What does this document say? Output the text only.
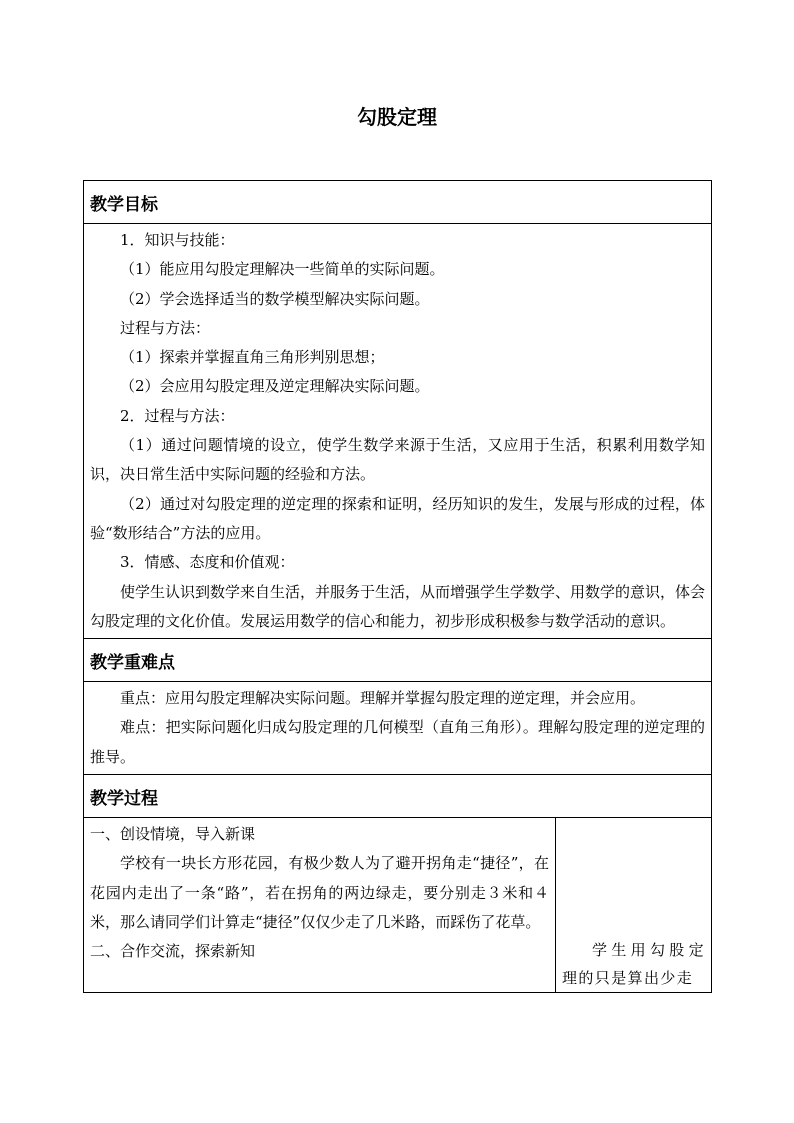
勾股定理
教学目标

1．知识与技能：

（1）能应用勾股定理解决一些简单的实际问题。

（2）学会选择适当的数学模型解决实际问题。

过程与方法：

（1）探索并掌握直角三角形判别思想；

（2）会应用勾股定理及逆定理解决实际问题。

2．过程与方法：

（1）通过问题情境的设立，使学生数学来源于生活，又应用于生活，积累利用数学知识，决日常生活中实际问题的经验和方法。

（2）通过对勾股定理的逆定理的探索和证明，经历知识的发生，发展与形成的过程，体验“数形结合”方法的应用。

3．情感、态度和价值观：

使学生认识到数学来自生活，并服务于生活，从而增强学生学数学、用数学的意识，体会勾股定理的文化价值。发展运用数学的信心和能力，初步形成积极参与数学活动的意识。

教学重难点

重点：应用勾股定理解决实际问题。理解并掌握勾股定理的逆定理，并会应用。

难点：把实际问题化归成勾股定理的几何模型（直角三角形）。理解勾股定理的逆定理的推导。

教学过程

一、创设情境，导入新课

学校有一块长方形花园，有极少数人为了避开拐角走“捷径”，在花园内走出了一条“路”，若在拐角的两边绿走，要分别走３米和４米，那么请同学们计算走“捷径”仅仅少走了几米路，而踩伤了花草。

二、合作交流，探索新知	学生用勾股定理的只是算出少走
